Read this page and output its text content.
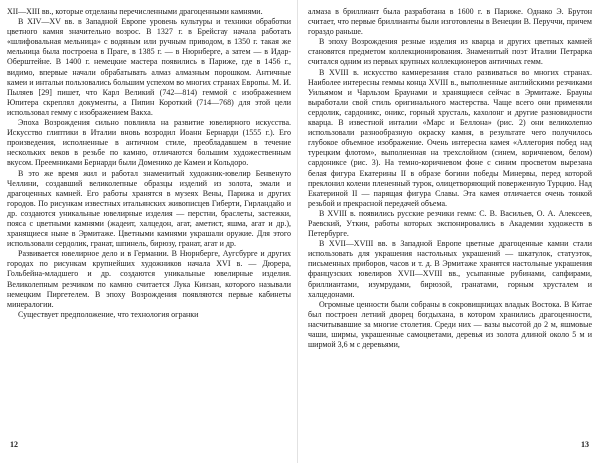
XII—XIII вв., которые отделаны перечисленными драгоценными камнями.

В XIV—XV вв. в Западной Европе уровень культуры и техники обработки цветного камня значительно возрос. В 1327 г. в Брейсгау начала работать «шлифовальная мельница» с водяным или ручным приводом, в 1350 г. такая же мельница была построена в Праге, в 1385 г. — в Нюрнберге, а затем — в Идар-Оберштейне. В 1400 г. немецкие мастера появились в Париже, где в 1456 г., видимо, впервые начали обрабатывать алмаз алмазным порошком. Античные камеи и интальи пользовались большим успехом во многих странах Европы. М. И. Пыляев [29] пишет, что Карл Великий (742—814) геммой с изображением Юпитера скреплял документы, а Пипин Короткий (714—768) для этой цели использовал гемму с изображением Вакха.

Эпоха Возрождения сильно повлияла на развитие ювелирного искусства. Искусство глиптики в Италии вновь возродил Иоанн Бернарди (1555 г.). Его произведения, исполненные в античном стиле, преобладавшем в течение нескольких веков в резьбе по камню, отличаются большим художественным вкусом. Преемниками Бернарди были Доменико де Камеи и Кольдоро.

В это же время жил и работал знаменитый художник-ювелир Бенвенуто Челлини, создавший великолепные образцы изделий из золота, эмали и драгоценных камней. Его работы хранятся в музеях Вены, Парижа и других городов. По рисункам известных итальянских живописцев Гиберти, Гирландайо и др. создаются уникальные ювелирные изделия — перстни, браслеты, застежки, пояса с цветными камнями (жадеит, халцедон, агат, аметист, яшма, агат и др.), хранящиеся ныне в Эрмитаже. Цветными камнями украшали оружие. Для этого использовали сердолик, гранат, шпинель, бирюзу, гранат, агат и др.

Развивается ювелирное дело и в Германии. В Нюрнберге, Аугсбурге и других городах по рисункам крупнейших художников начала XVI в. — Дюрера, Гольбейна-младшего и др. создаются уникальные ювелирные изделия. Великолепным резчиком по камню считается Лука Кинзан, которого называли немецким Пиргетелем. В эпоху Возрождения появляются первые кабинеты минералогии.

Существует предположение, что технология огранки

12

алмаза в бриллиант была разработана в 1600 г. в Париже. Однако Э. Брутон считает, что первые бриллианты были изготовлены в Венеции В. Перуччи, причем гораздо раньше.

В эпоху Возрождения резные изделия из кварца и других цветных камней становятся предметом коллекционирования. Знаменитый поэт Италии Петрарка считался одним из первых крупных коллекционеров античных гемм.

В XVIII в. искусство камнерезания стало развиваться во многих странах. Наиболее интересны геммы конца XVIII в., выполненные английскими резчиками Уильямом и Чарльзом Браунами и хранящиеся сейчас в Эрмитаже. Брауны выработали свой стиль оригинального мастерства. Чаще всего они применяли сердолик, сардоникс, оникс, горный хрусталь, кахолонг и другие разновидности кварца. В известной инталии «Марс и Беллона» (рис. 2) они великолепно использовали разнообразную окраску камня, в результате чего получилось глубокое объемное изображение. Очень интересна камея «Аллегория побед над турецким флотом», выполненная на трехслойном (синем, коричневом, белом) сардониксе (рис. 3). На темно-коричневом фоне с синим просветом вырезана белая фигура Екатерины II в образе богини победы Минервы, перед которой преклонил колени плененный турок, олицетворяющий поверженную Турцию. Над Екатериной II — парящая фигура Славы. Эта камея отличается очень тонкой резьбой и прекрасной передачей объема.

В XVIII в. появились русские резчики гемм: С. В. Васильев, О. А. Алексеев, Раевский, Уткин, работы которых экспонировались в Академии художеств в Петербурге.

В XVII—XVIII вв. в Западной Европе цветные драгоценные камни стали использовать для украшения настольных украшений — шкатулок, статуэток, письменных приборов, часов и т. д. В Эрмитаже хранятся настольные украшения французских ювелиров XVII—XVIII вв., усыпанные рубинами, сапфирами, бриллиантами, изумрудами, бирюзой, гранатами, горным хрусталем и халцедонами.

Огромные ценности были собраны в сокровищницах владык Востока. В Китае был построен летний дворец богдыхана, в котором хранились драгоценности, насчитывавшие за многие столетия. Среди них — вазы высотой до 2 м, яшмовые чаши, ширмы, украшенные самоцветами, деревья из золота длиной около 5 м и ширмой 3,6 м с деревьями,

13
